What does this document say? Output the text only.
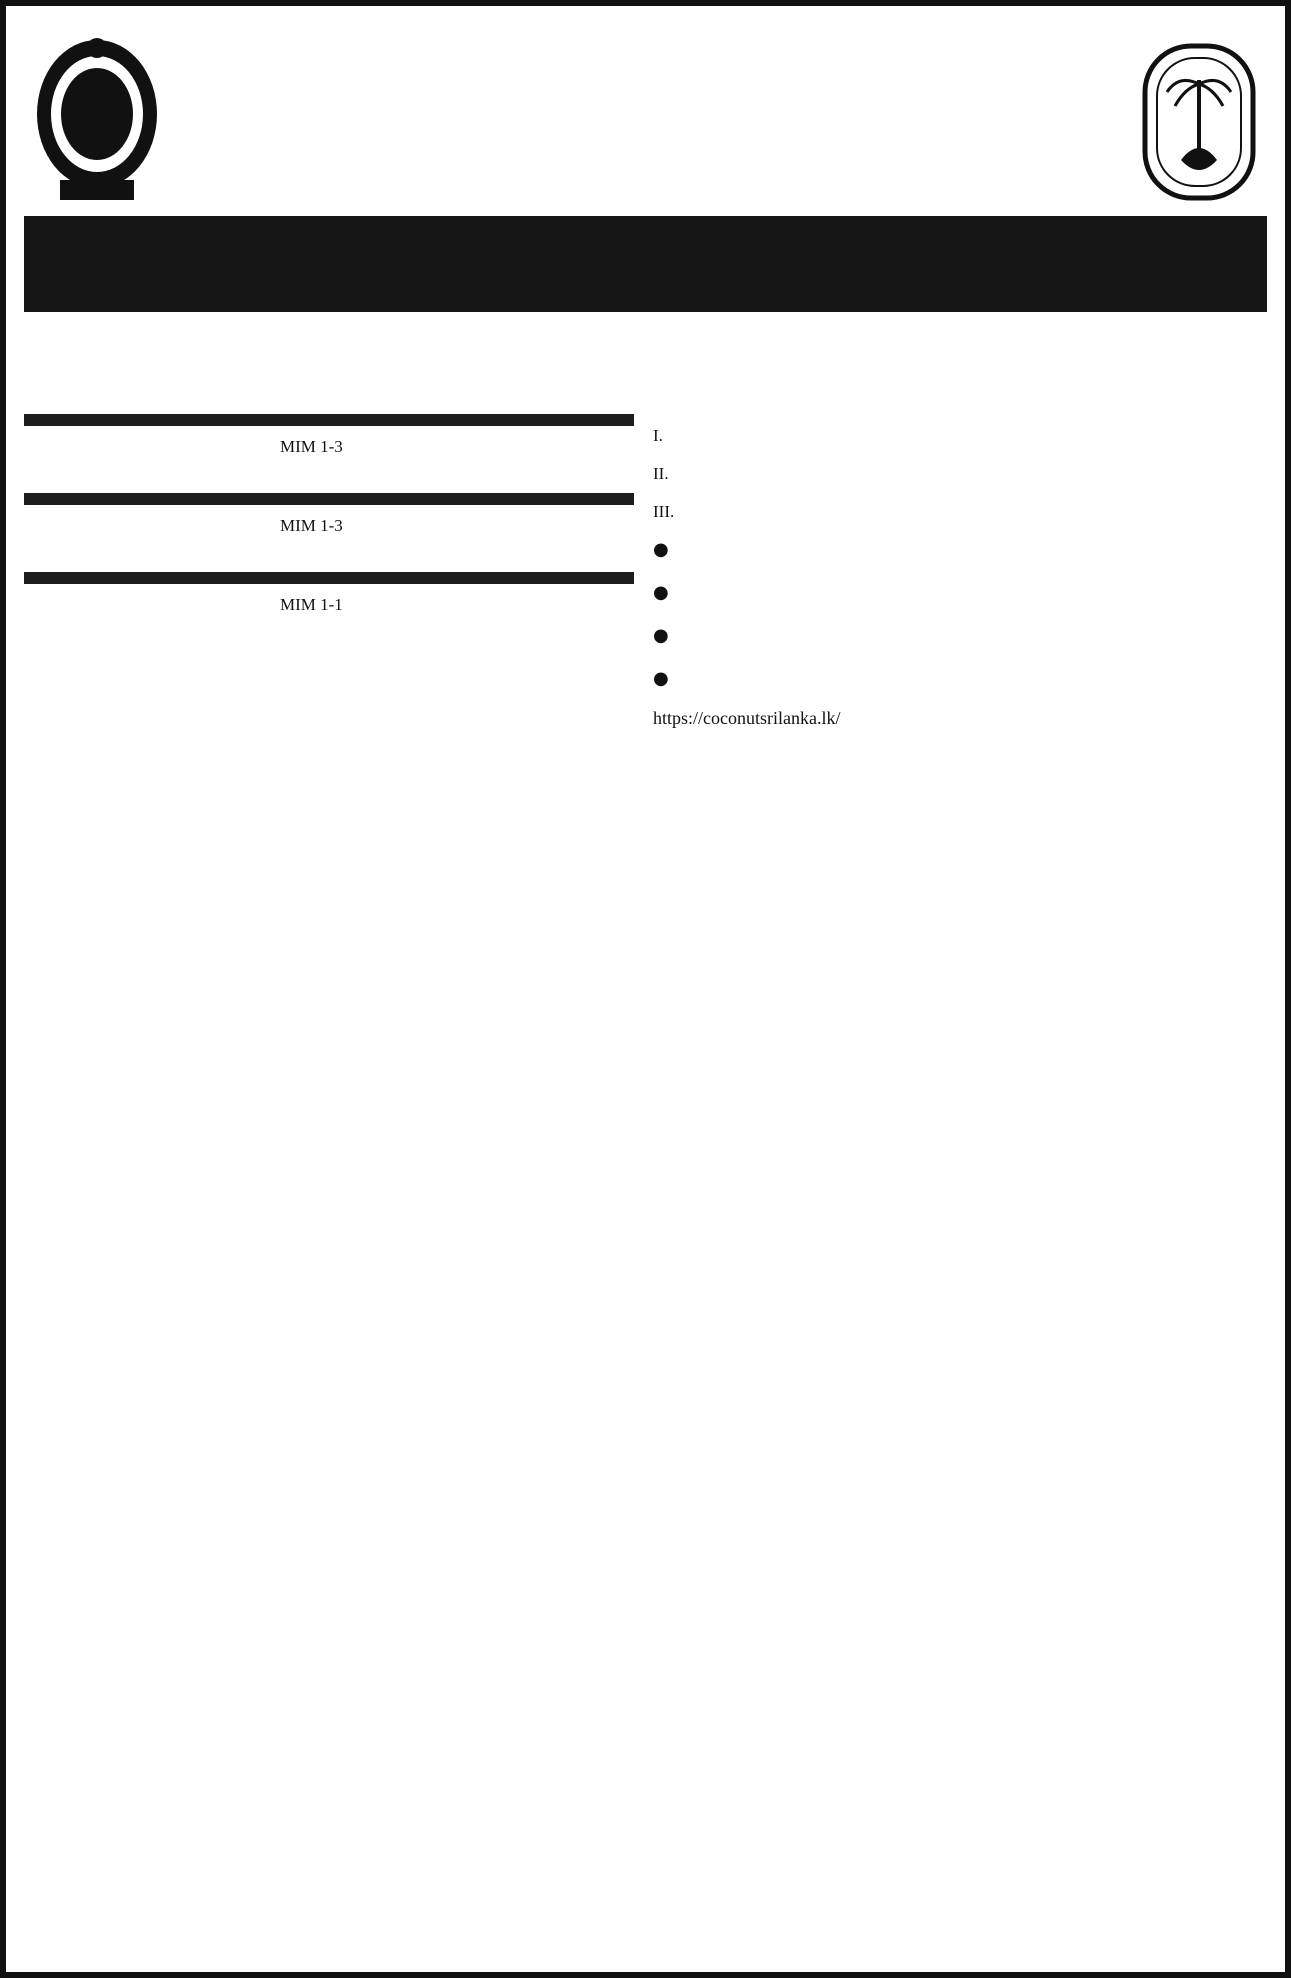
MIM 1-3
MIM 1-3
MIM 1-1
I.
II.
III.
●
●
●
●
https://coconutsrilanka.lk/
